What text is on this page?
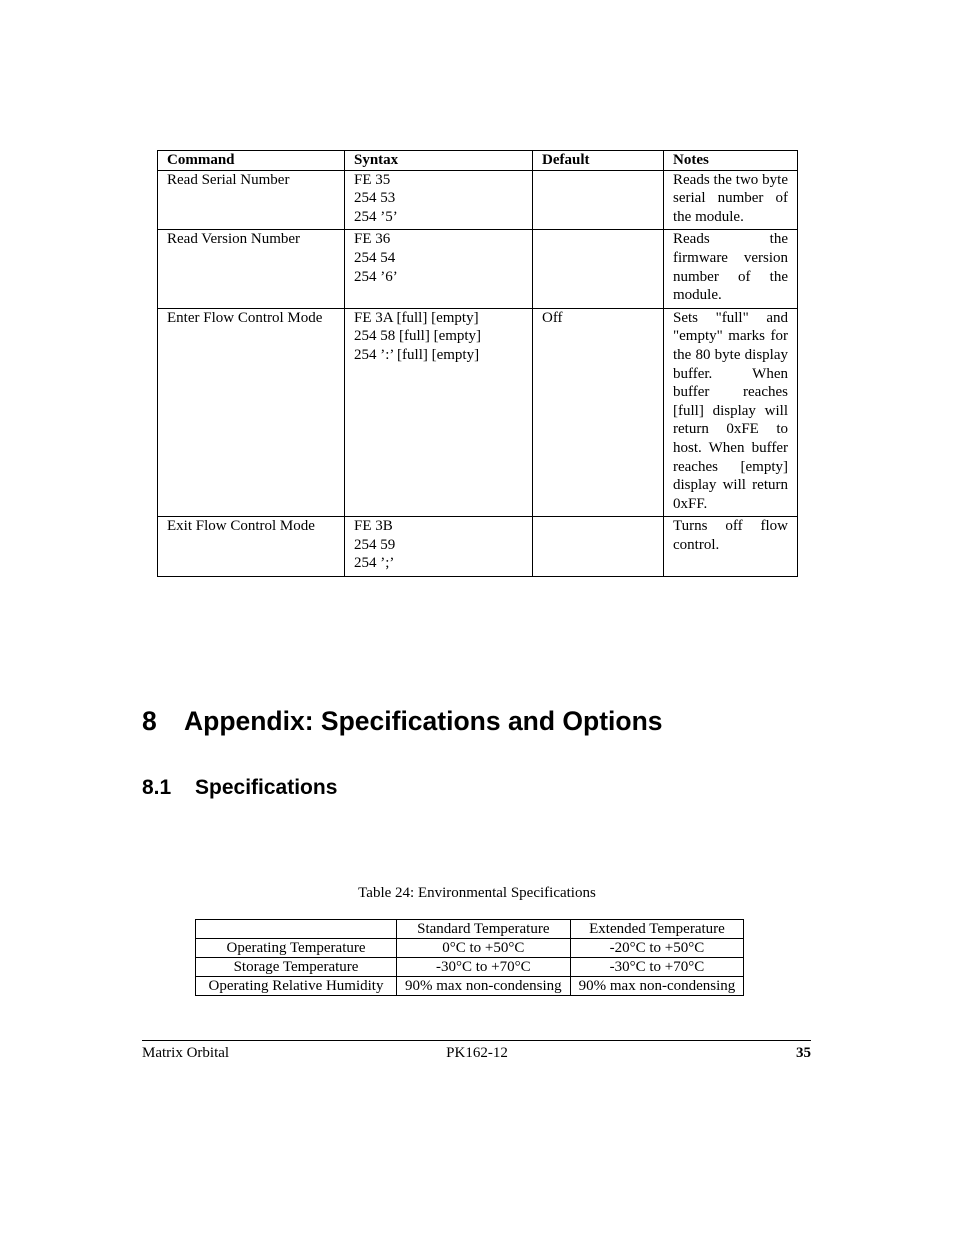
Command	Syntax	Default	Notes
Read Serial Number	FE 35
254 53
254 ’5’		Reads the two byte serial number of the module.

Read Version Number	FE 36
254 54
254 ’6’		Reads the firmware version number of the module.

Enter Flow Control Mode	FE 3A [full] [empty]
254 58 [full] [empty]
254 ’:’ [full] [empty]	Off	Sets "full" and "empty" marks for the 80 byte display buffer. When buffer reaches [full] display will return 0xFE to host. When buffer reaches [empty] display will return 0xFF.

Exit Flow Control Mode	FE 3B
254 59
254 ’;’		Turns off flow control.
8 Appendix: Specifications and Options
8.1 Specifications
Table 24: Environmental Specifications
	Standard Temperature	Extended Temperature
Operating Temperature	0°C to +50°C	-20°C to +50°C
Storage Temperature	-30°C to +70°C	-30°C to +70°C
Operating Relative Humidity	90% max non-condensing	90% max non-condensing
Matrix Orbital	PK162-12	35
